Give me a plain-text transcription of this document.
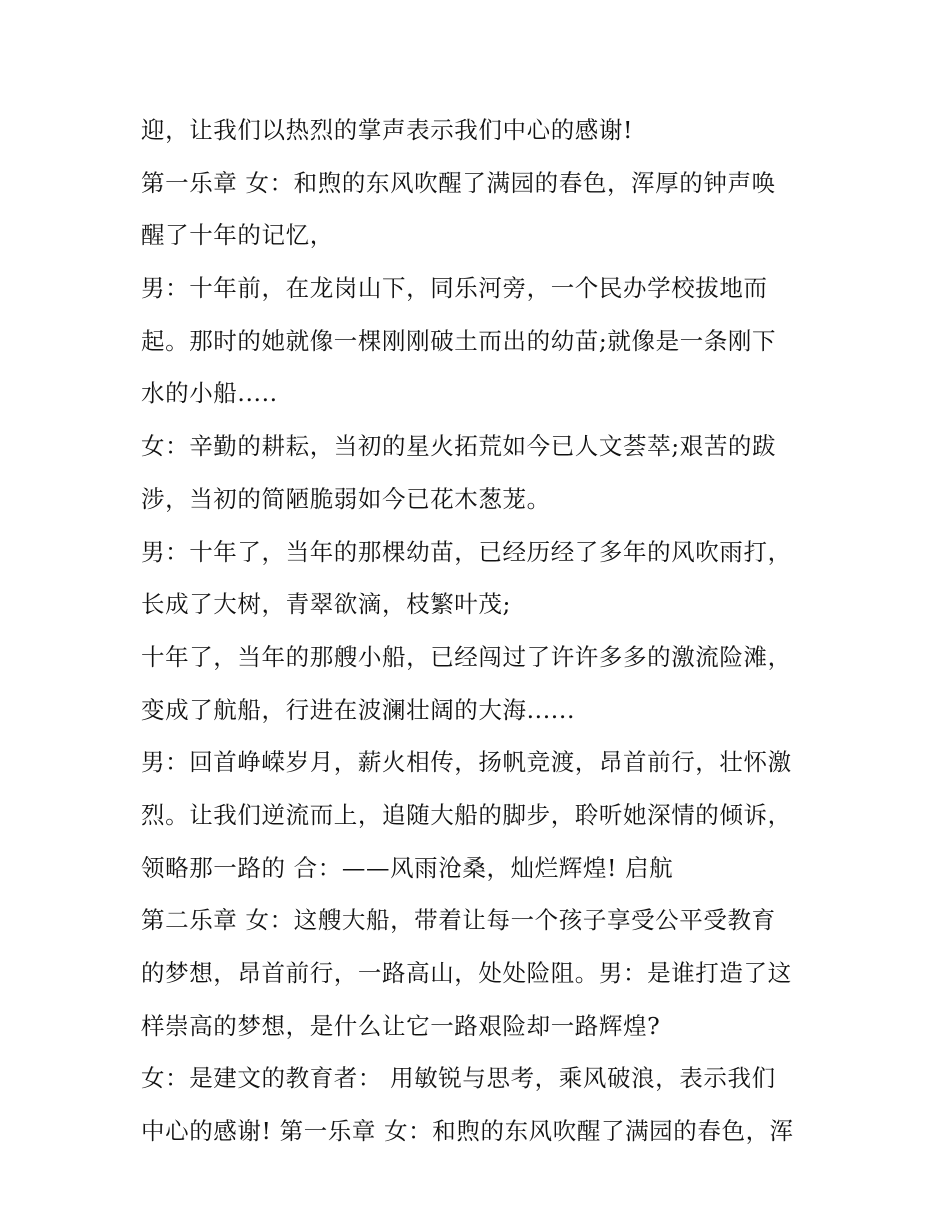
迎，让我们以热烈的掌声表示我们中心的感谢!
第一乐章 女：和煦的东风吹醒了满园的春色，浑厚的钟声唤
醒了十年的记忆，
男：十年前，在龙岗山下，同乐河旁，一个民办学校拔地而
起。那时的她就像一棵刚刚破土而出的幼苗;就像是一条刚下
水的小船.....
女：辛勤的耕耘，当初的星火拓荒如今已人文荟萃;艰苦的跋
涉，当初的简陋脆弱如今已花木葱茏。
男：十年了，当年的那棵幼苗，已经历经了多年的风吹雨打，
长成了大树，青翠欲滴，枝繁叶茂;
十年了，当年的那艘小船，已经闯过了许许多多的激流险滩，
变成了航船，行进在波澜壮阔的大海......
男：回首峥嵘岁月，薪火相传，扬帆竞渡，昂首前行，壮怀激
烈。让我们逆流而上，追随大船的脚步，聆听她深情的倾诉，
领略那一路的 合：——风雨沧桑，灿烂辉煌! 启航
第二乐章 女：这艘大船，带着让每一个孩子享受公平受教育
的梦想，昂首前行，一路高山，处处险阻。男：是谁打造了这
样崇高的梦想，是什么让它一路艰险却一路辉煌?
女：是建文的教育者： 用敏锐与思考，乘风破浪，表示我们
中心的感谢! 第一乐章 女：和煦的东风吹醒了满园的春色，浑
